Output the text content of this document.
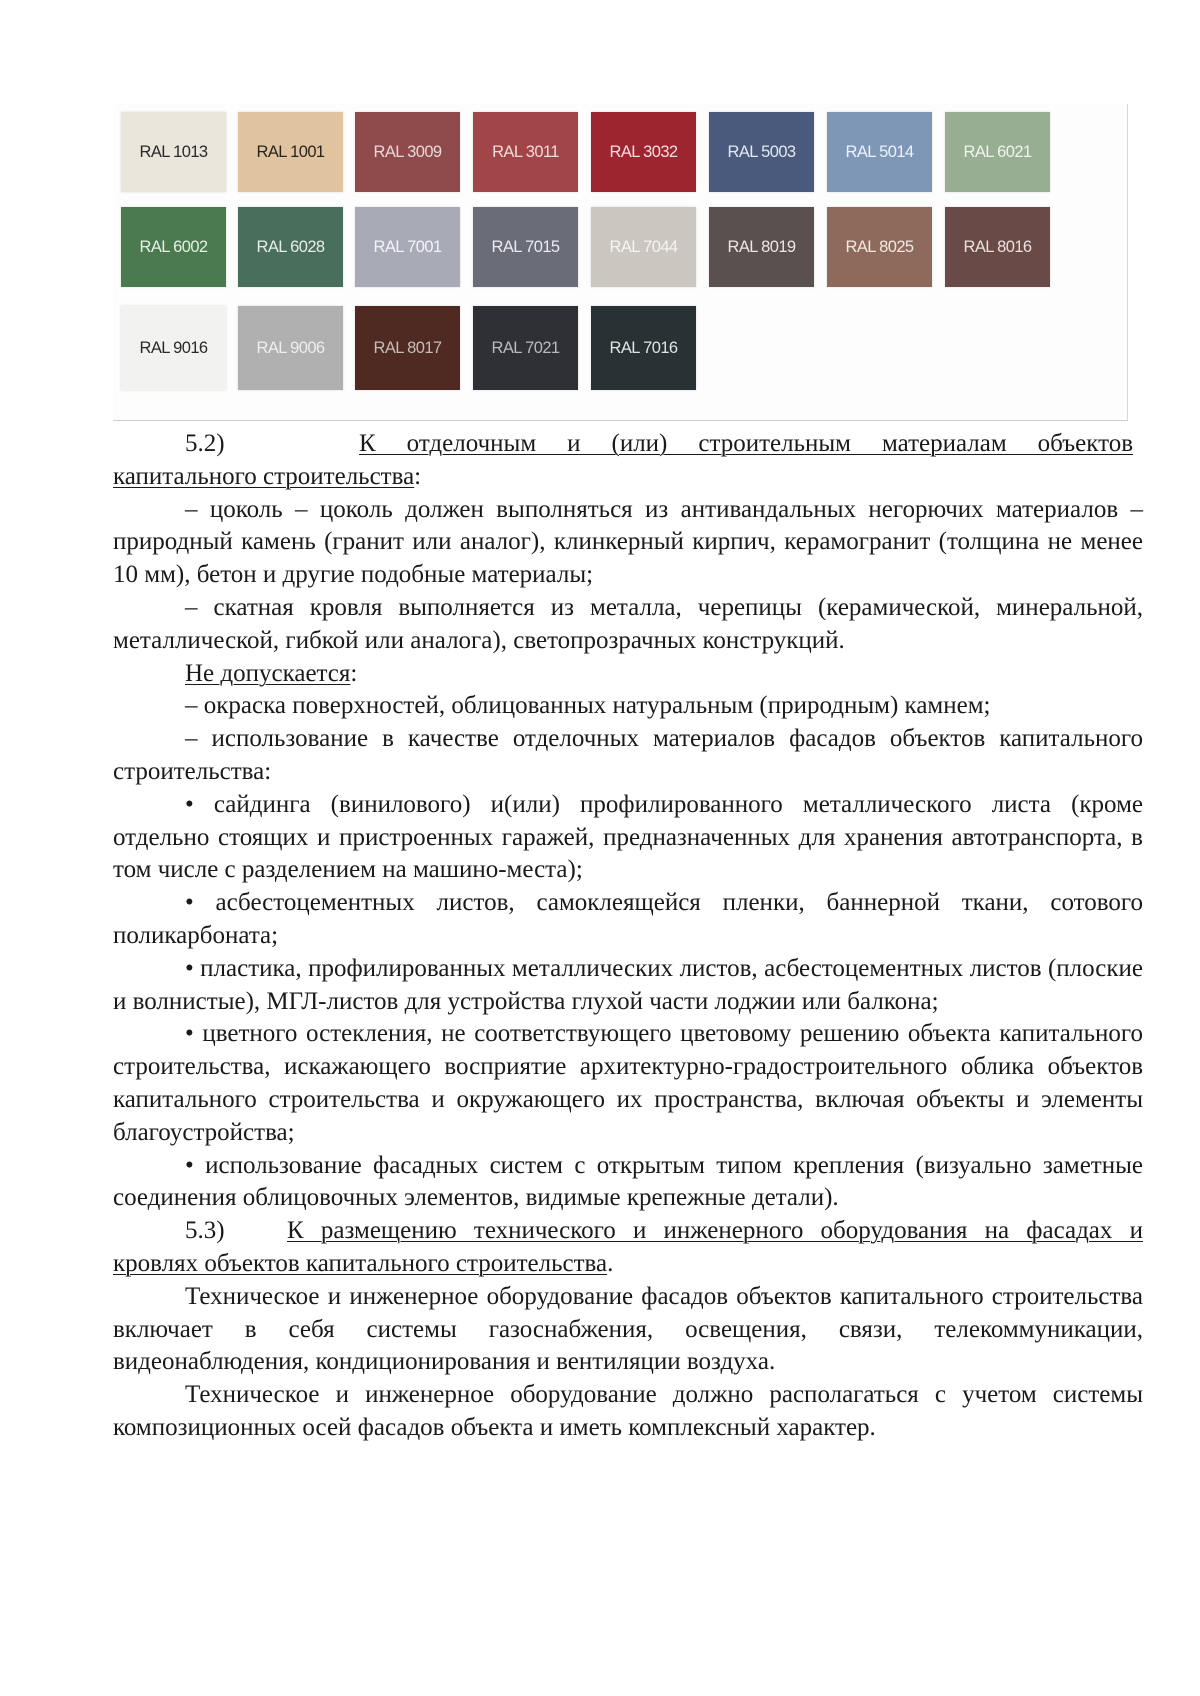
RAL 1013	RAL 1001	RAL 3009	RAL 3011	RAL 3032	RAL 5003	RAL 5014	RAL 6021
RAL 6002	RAL 6028	RAL 7001	RAL 7015	RAL 7044	RAL 8019	RAL 8025	RAL 8016
RAL 9016	RAL 9006	RAL 8017	RAL 7021	RAL 7016

5.2)	К отделочным и (или) строительным материалам объектов
капитального строительства:

– цоколь – цоколь должен выполняться из антивандальных негорючих материалов – природный камень (гранит или аналог), клинкерный кирпич, керамогранит (толщина не менее 10 мм), бетон и другие подобные материалы;

– скатная кровля выполняется из металла, черепицы (керамической, минеральной, металлической, гибкой или аналога), светопрозрачных конструкций.

Не допускается:

– окраска поверхностей, облицованных натуральным (природным) камнем;

– использование в качестве отделочных материалов фасадов объектов капитального строительства:

• сайдинга (винилового) и(или) профилированного металлического листа (кроме отдельно стоящих и пристроенных гаражей, предназначенных для хранения автотранспорта, в том числе с разделением на машино-места);

• асбестоцементных листов, самоклеящейся пленки, баннерной ткани, сотового поликарбоната;

• пластика, профилированных металлических листов, асбестоцементных листов (плоские и волнистые), МГЛ-листов для устройства глухой части лоджии или балкона;

• цветного остекления, не соответствующего цветовому решению объекта капитального строительства, искажающего восприятие архитектурно-градостроительного облика объектов капитального строительства и окружающего их пространства, включая объекты и элементы благоустройства;

• использование фасадных систем с открытым типом крепления (визуально заметные соединения облицовочных элементов, видимые крепежные детали).

5.3) К размещению технического и инженерного оборудования на фасадах и кровлях объектов капитального строительства.

Техническое и инженерное оборудование фасадов объектов капитального строительства включает в себя системы газоснабжения, освещения, связи, телекоммуникации, видеонаблюдения, кондиционирования и вентиляции воздуха.

Техническое и инженерное оборудование должно располагаться с учетом системы композиционных осей фасадов объекта и иметь комплексный характер.
